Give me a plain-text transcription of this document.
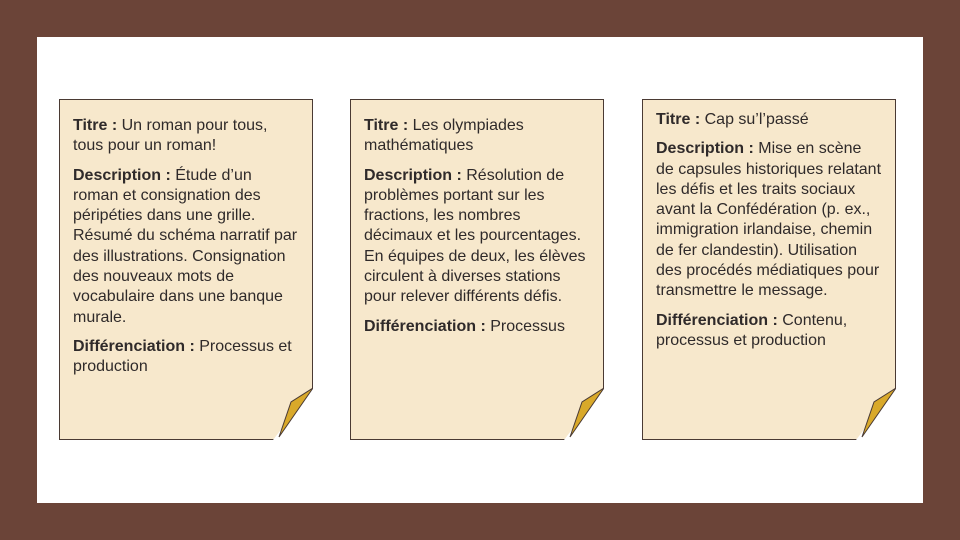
Titre : Un roman pour tous, tous pour un roman!

Description : Étude d’un roman et consignation des péripéties dans une grille. Résumé du schéma narratif par des illustrations. Consignation des nouveaux mots de vocabulaire dans une banque murale.

Différenciation : Processus et production

Titre : Les olympiades mathématiques

Description : Résolution de problèmes portant sur les fractions, les nombres décimaux et les pourcentages. En équipes de deux, les élèves circulent à diverses stations pour relever différents défis.

Différenciation : Processus

Titre : Cap su’l’passé

Description : Mise en scène de capsules historiques relatant les défis et les traits sociaux avant la Confédération (p. ex., immigration irlandaise, chemin de fer clandestin). Utilisation des procédés médiatiques pour transmettre le message.

Différenciation : Contenu, processus et production
